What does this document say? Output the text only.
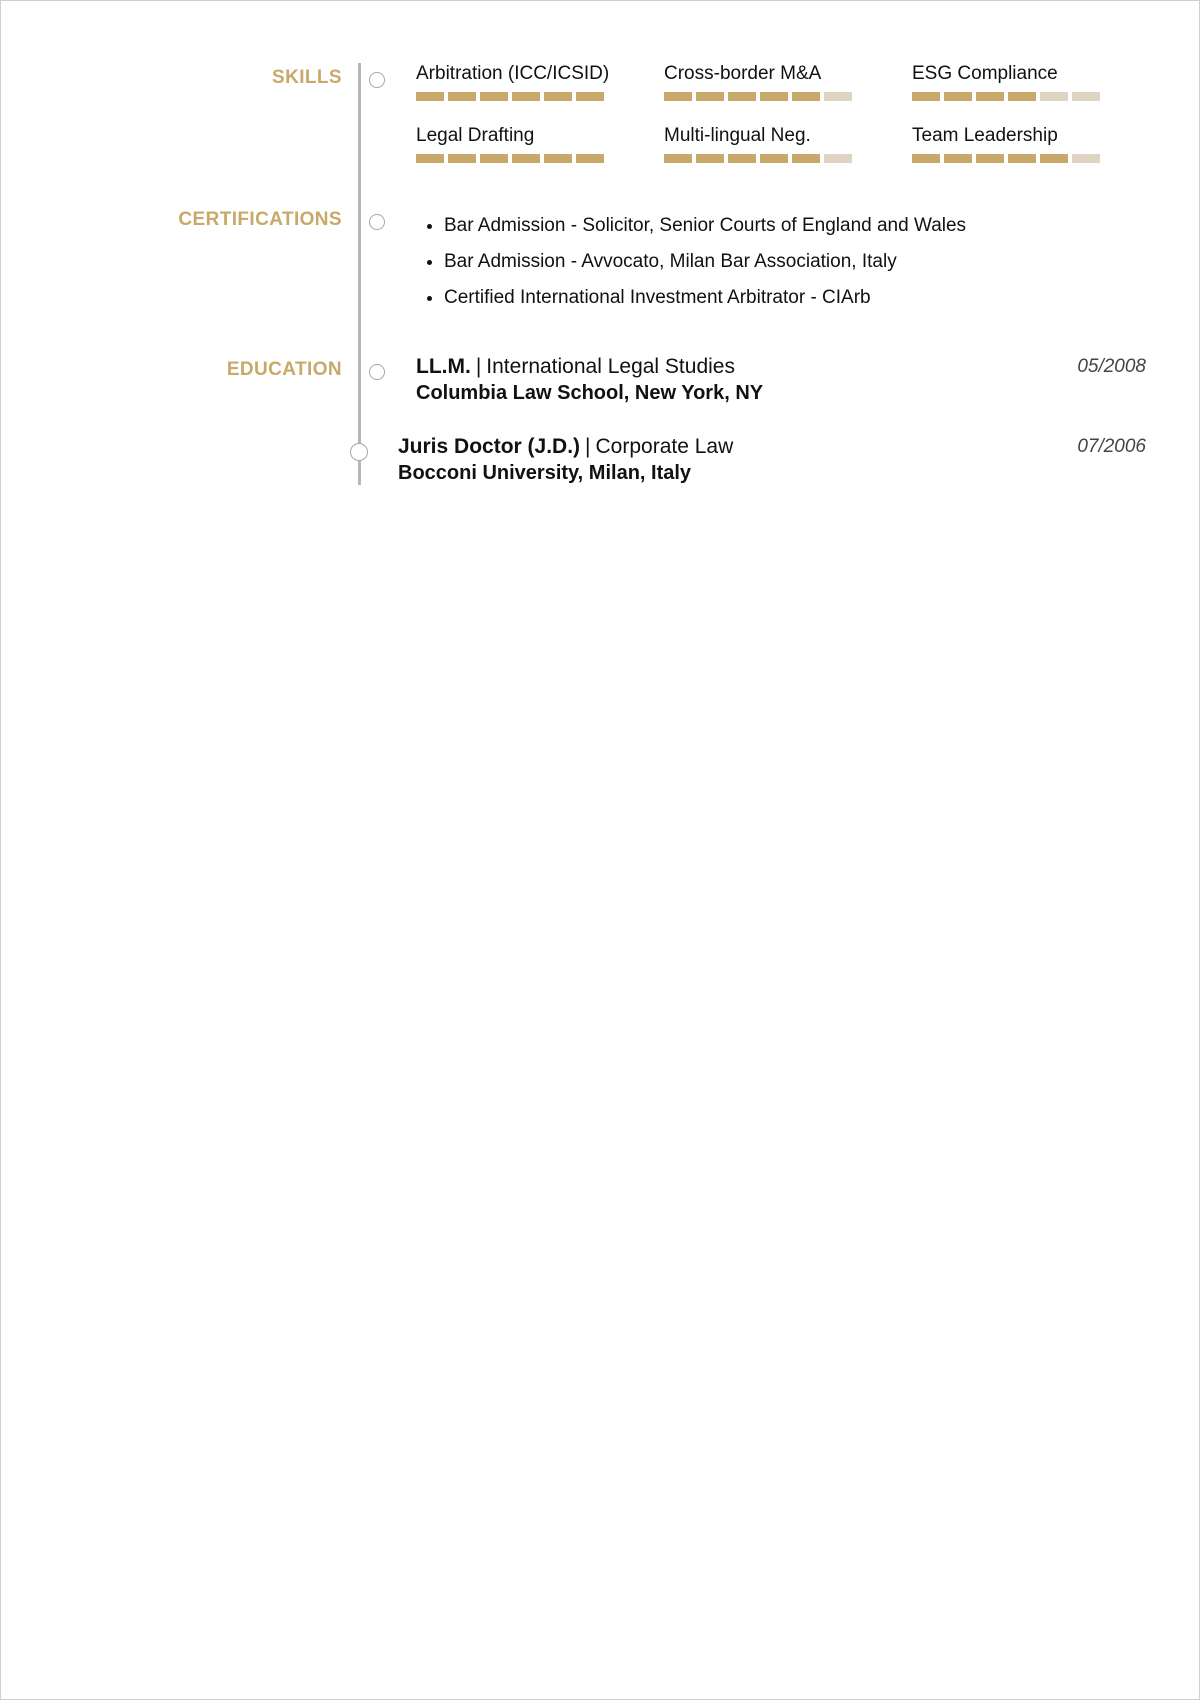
SKILLS	Arbitration (ICC/ICSID)	Cross-border M&A	ESG Compliance
Legal Drafting	Multi-lingual Neg.	Team Leadership
CERTIFICATIONS
•	Bar Admission - Solicitor, Senior Courts of England and Wales
• Bar Admission - Avvocato, Milan Bar Association, Italy
• Certified International Investment Arbitrator - CIArb
EDUCATION	LL.M. | International Legal Studies
Columbia Law School, New York, NY
05/2008
Juris Doctor (J.D.) | Corporate Law
Bocconi University, Milan, Italy
07/2006
